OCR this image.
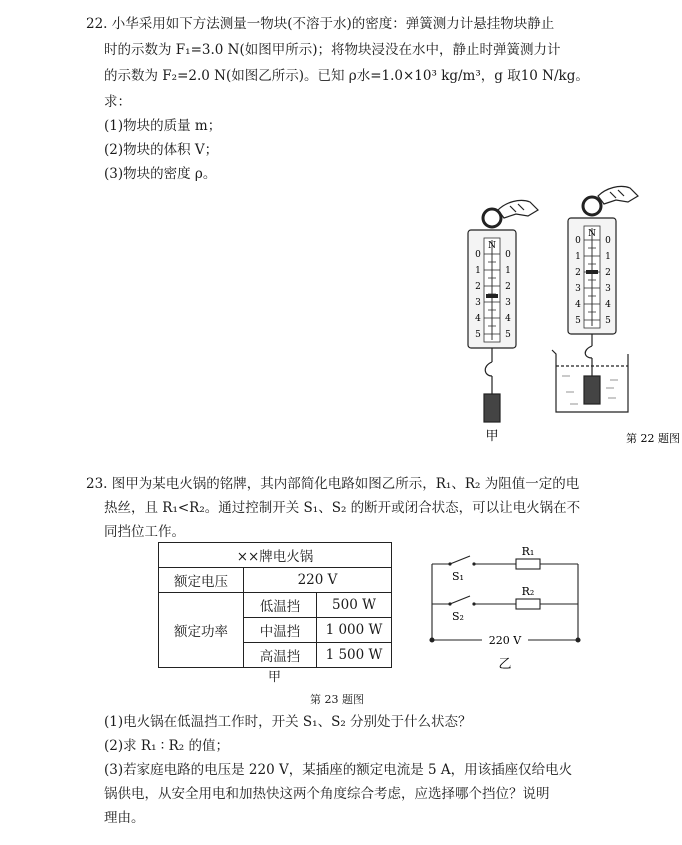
22. 小华采用如下方法测量一物块(不溶于水)的密度：弹簧测力计悬挂物块静止
时的示数为 F₁=3.0 N(如图甲所示)；将物块浸没在水中，静止时弹簧测力计
的示数为 F₂=2.0 N(如图乙所示)。已知 ρ水=1.0×10³ kg/m³，g 取10 N/kg。
求：
(1)物块的质量 m；
(2)物块的体积 V；
(3)物块的密度 ρ。
N
0
1
2
3
4
5
0
1
2
3
4
5
甲
N
0
1
2
3
4
5
0
1
2
3
4
5
第 22 题图
23. 图甲为某电火锅的铭牌，其内部简化电路如图乙所示，R₁、R₂ 为阻值一定的电
热丝，且 R₁<R₂。通过控制开关 S₁、S₂ 的断开或闭合状态，可以让电火锅在不
同挡位工作。
××牌电火锅		
额定电压	220 V	
额定功率	低温挡	500 W
	中温挡	1 000 W
	高温挡	1 500 W
甲
R₁
R₂
S₁
S₂
220 V
乙
第 23 题图
(1)电火锅在低温挡工作时，开关 S₁、S₂ 分别处于什么状态？
(2)求 R₁ ∶ R₂ 的值；
(3)若家庭电路的电压是 220 V，某插座的额定电流是 5 A，用该插座仅给电火
锅供电，从安全用电和加热快这两个角度综合考虑，应选择哪个挡位？说明
理由。
